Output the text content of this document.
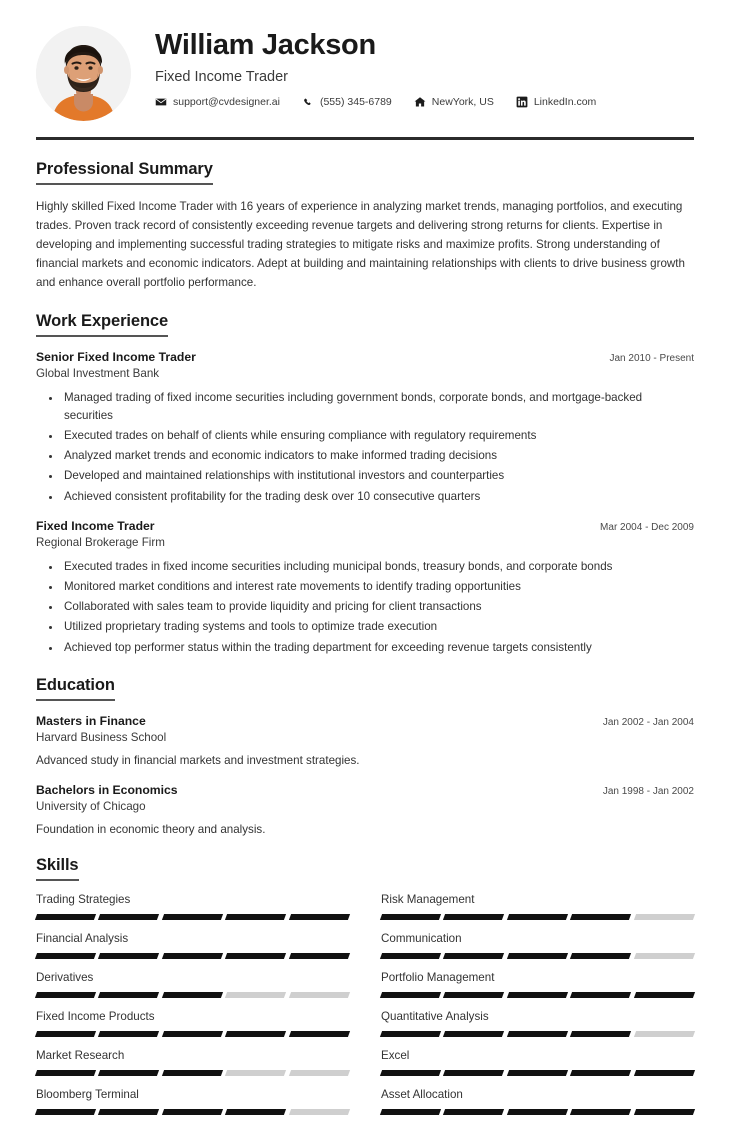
William Jackson
Fixed Income Trader
support@cvdesigner.ai	(555) 345-6789	NewYork, US	LinkedIn.com
Professional Summary
Highly skilled Fixed Income Trader with 16 years of experience in analyzing market trends, managing portfolios, and executing trades. Proven track record of consistently exceeding revenue targets and delivering strong returns for clients. Expertise in developing and implementing successful trading strategies to mitigate risks and maximize profits. Strong understanding of financial markets and economic indicators. Adept at building and maintaining relationships with clients to drive business growth and enhance overall portfolio performance.
Work Experience
Senior Fixed Income Trader	Jan 2010 - Present
Global Investment Bank
• Managed trading of fixed income securities including government bonds, corporate bonds, and mortgage-backed securities
• Executed trades on behalf of clients while ensuring compliance with regulatory requirements
• Analyzed market trends and economic indicators to make informed trading decisions
• Developed and maintained relationships with institutional investors and counterparties
• Achieved consistent profitability for the trading desk over 10 consecutive quarters
Fixed Income Trader	Mar 2004 - Dec 2009
Regional Brokerage Firm
• Executed trades in fixed income securities including municipal bonds, treasury bonds, and corporate bonds
• Monitored market conditions and interest rate movements to identify trading opportunities
• Collaborated with sales team to provide liquidity and pricing for client transactions
• Utilized proprietary trading systems and tools to optimize trade execution
• Achieved top performer status within the trading department for exceeding revenue targets consistently
Education
Masters in Finance	Jan 2002 - Jan 2004
Harvard Business School
Advanced study in financial markets and investment strategies.
Bachelors in Economics	Jan 1998 - Jan 2002
University of Chicago
Foundation in economic theory and analysis.
Skills
Trading Strategies	Risk Management
Financial Analysis	Communication
Derivatives	Portfolio Management
Fixed Income Products	Quantitative Analysis
Market Research	Excel
Bloomberg Terminal	Asset Allocation
